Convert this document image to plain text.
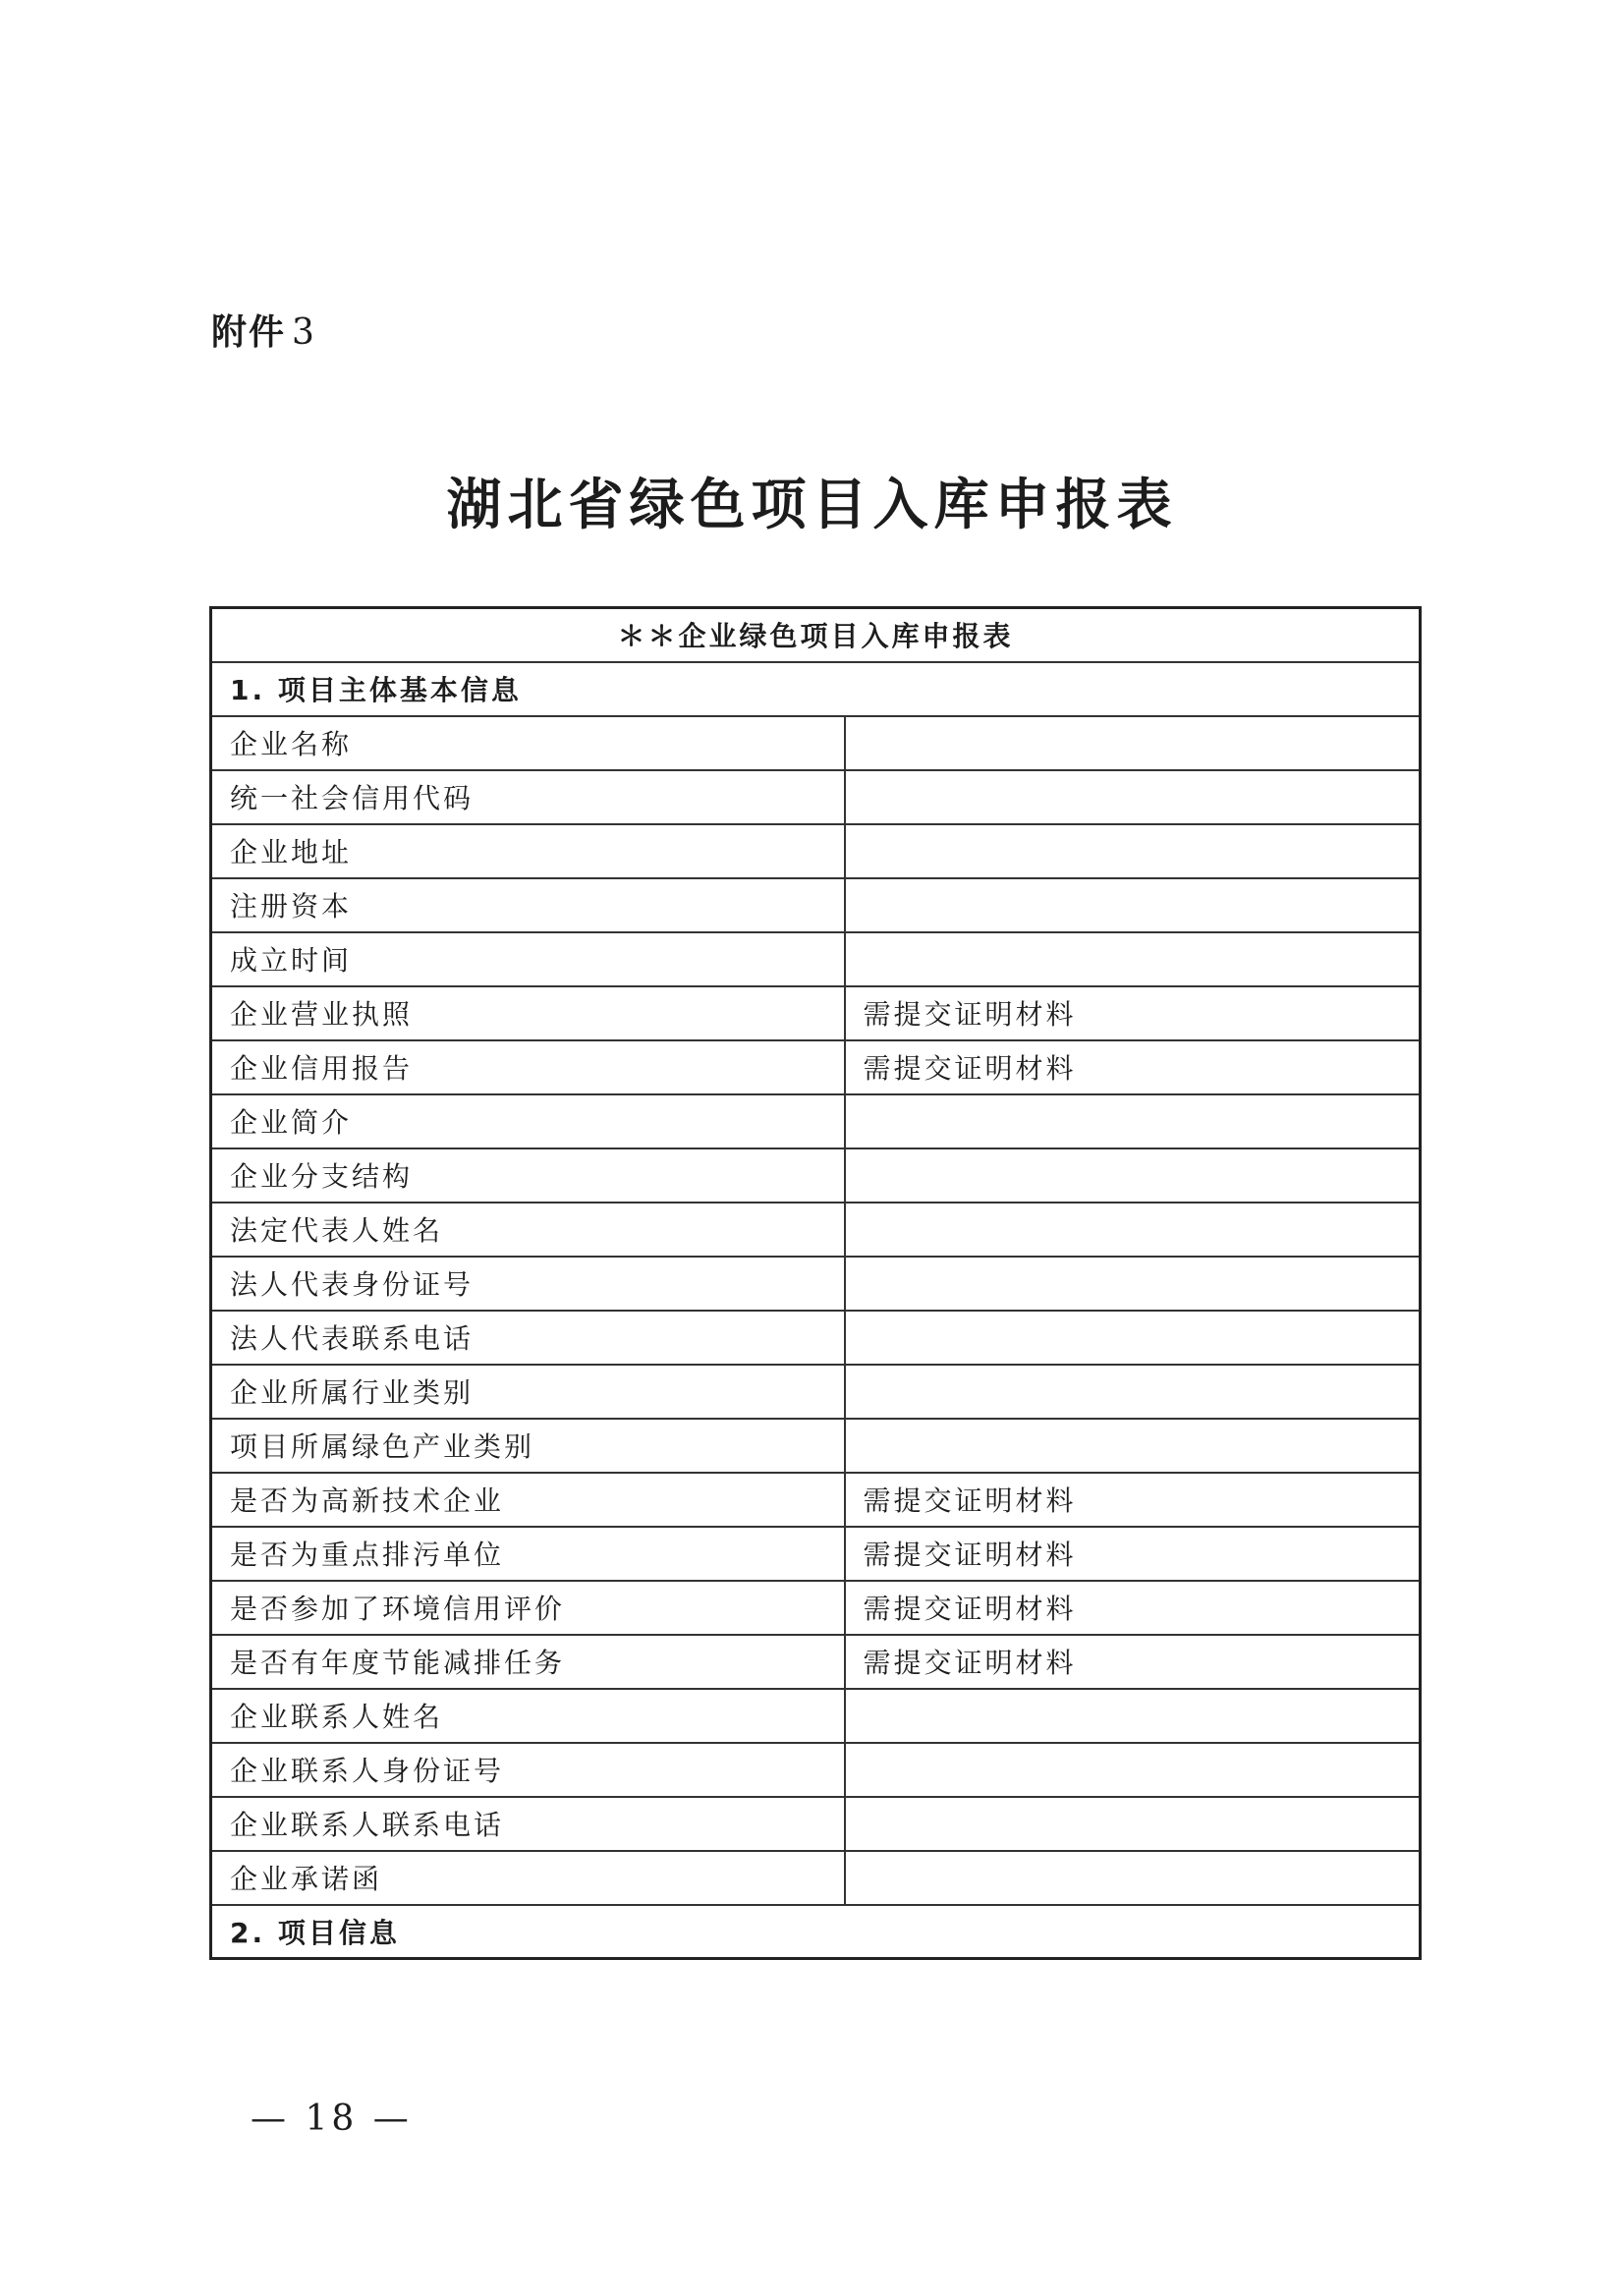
附件 3
湖北省绿色项目入库申报表
＊＊企业绿色项目入库申报表	
1. 项目主体基本信息	
企业名称	
统一社会信用代码	
企业地址	
注册资本	
成立时间	
企业营业执照	需提交证明材料
企业信用报告	需提交证明材料
企业简介	
企业分支结构	
法定代表人姓名	
法人代表身份证号	
法人代表联系电话	
企业所属行业类别	
项目所属绿色产业类别	
是否为高新技术企业	需提交证明材料
是否为重点排污单位	需提交证明材料
是否参加了环境信用评价	需提交证明材料
是否有年度节能减排任务	需提交证明材料
企业联系人姓名	
企业联系人身份证号	
企业联系人联系电话	
企业承诺函	
2. 项目信息	
— 18 —
